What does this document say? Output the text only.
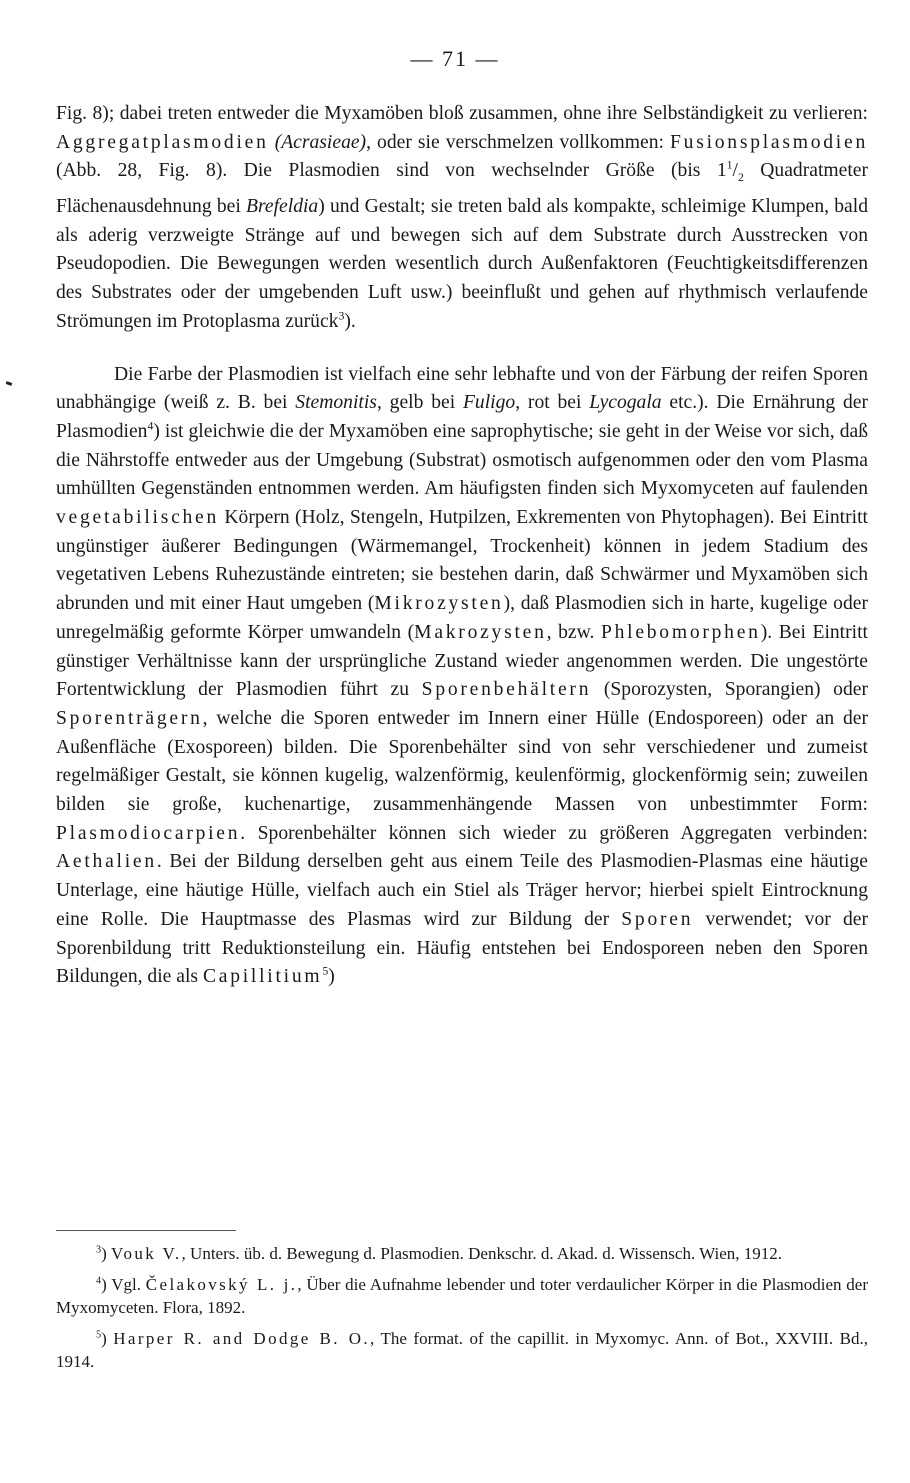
— 71 —

Fig. 8); dabei treten entweder die Myxamöben bloß zusammen, ohne ihre Selbständigkeit zu verlieren: Aggregatplasmodien (Acrasieae), oder sie verschmelzen vollkommen: Fusionsplasmodien (Abb. 28, Fig. 8). Die Plasmodien sind von wechselnder Größe (bis $1^1/_2$ Quadratmeter Flächenausdehnung bei Brefeldia) und Gestalt; sie treten bald als kompakte, schleimige Klumpen, bald als aderig verzweigte Stränge auf und bewegen sich auf dem Substrate durch Ausstrecken von Pseudopodien. Die Bewegungen werden wesentlich durch Außenfaktoren (Feuchtigkeitsdifferenzen des Substrates oder der umgebenden Luft usw.) beeinflußt und gehen auf rhythmisch verlaufende Strömungen im Protoplasma zurück$^3$).

Die Farbe der Plasmodien ist vielfach eine sehr lebhafte und von der Färbung der reifen Sporen unabhängige (weiß z. B. bei Stemonitis, gelb bei Fuligo, rot bei Lycogala etc.). Die Ernährung der Plasmodien$^4$) ist gleichwie die der Myxamöben eine saprophytische; sie geht in der Weise vor sich, daß die Nährstoffe entweder aus der Umgebung (Substrat) osmotisch aufgenommen oder den vom Plasma umhüllten Gegenständen entnommen werden. Am häufigsten finden sich Myxomyceten auf faulenden vegetabilischen Körpern (Holz, Stengeln, Hutpilzen, Exkrementen von Phytophagen). Bei Eintritt ungünstiger äußerer Bedingungen (Wärmemangel, Trockenheit) können in jedem Stadium des vegetativen Lebens Ruhezustände eintreten; sie bestehen darin, daß Schwärmer und Myxamöben sich abrunden und mit einer Haut umgeben (Mikrozysten), daß Plasmodien sich in harte, kugelige oder unregelmäßig geformte Körper umwandeln (Makrozysten, bzw. Phlebomorphen). Bei Eintritt günstiger Verhältnisse kann der ursprüngliche Zustand wieder angenommen werden. Die ungestörte Fortentwicklung der Plasmodien führt zu Sporenbehältern (Sporozysten, Sporangien) oder Sporenträgern, welche die Sporen entweder im Innern einer Hülle (Endosporeen) oder an der Außenfläche (Exosporeen) bilden. Die Sporenbehälter sind von sehr verschiedener und zumeist regelmäßiger Gestalt, sie können kugelig, walzenförmig, keulenförmig, glockenförmig sein; zuweilen bilden sie große, kuchenartige, zusammenhängende Massen von unbestimmter Form: Plasmodiocarpien. Sporenbehälter können sich wieder zu größeren Aggregaten verbinden: Aethalien. Bei der Bildung derselben geht aus einem Teile des Plasmodien-Plasmas eine häutige Unterlage, eine häutige Hülle, vielfach auch ein Stiel als Träger hervor; hierbei spielt Eintrocknung eine Rolle. Die Hauptmasse des Plasmas wird zur Bildung der Sporen verwendet; vor der Sporenbildung tritt Reduktionsteilung ein. Häufig entstehen bei Endosporeen neben den Sporen Bildungen, die als Capillitium$^5$)

$^3$) Vouk V., Unters. üb. d. Bewegung d. Plasmodien. Denkschr. d. Akad. d. Wissensch. Wien, 1912.

$^4$) Vgl. Čelakovský L. j., Über die Aufnahme lebender und toter verdaulicher Körper in die Plasmodien der Myxomyceten. Flora, 1892.

$^5$) Harper R. and Dodge B. O., The format. of the capillit. in Myxomyc. Ann. of Bot., XXVIII. Bd., 1914.
